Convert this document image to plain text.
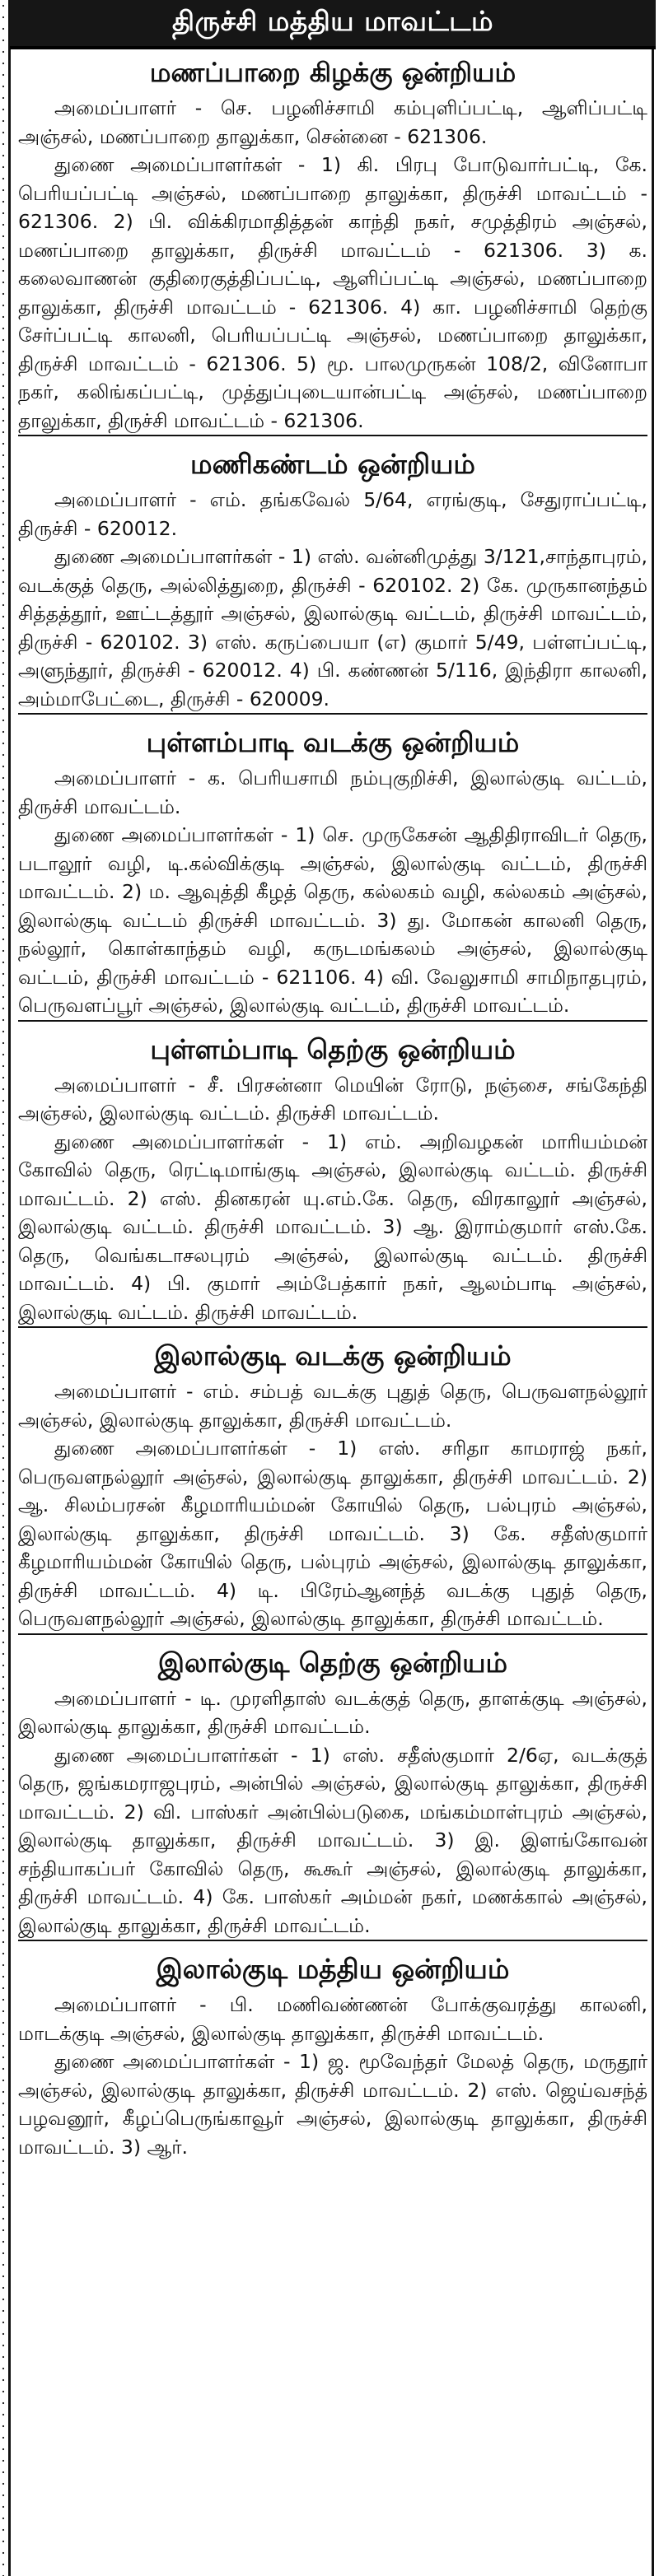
திருச்சி மத்திய மாவட்டம்
மணப்பாறை கிழக்கு ஒன்றியம்

அமைப்பாளர் - செ. பழனிச்சாமி கம்புளிப்பட்டி, ஆளிப்பட்டி அஞ்சல், மணப்பாறை தாலுக்கா, சென்னை - 621306.

துணை அமைப்பாளர்கள் - 1) கி. பிரபு போடுவார்பட்டி, கே. பெரியப்பட்டி அஞ்சல், மணப்பாறை தாலுக்கா, திருச்சி மாவட்டம் - 621306. 2) பி. விக்கிரமாதித்தன் காந்தி நகர், சமுத்திரம் அஞ்சல், மணப்பாறை தாலுக்கா, திருச்சி மாவட்டம் - 621306. 3) க. கலைவாணன் குதிரைகுத்திப்பட்டி, ஆளிப்பட்டி அஞ்சல், மணப்பாறை தாலுக்கா, திருச்சி மாவட்டம் - 621306. 4) கா. பழனிச்சாமி தெற்கு சேர்ப்பட்டி காலனி, பெரியப்பட்டி அஞ்சல், மணப்பாறை தாலுக்கா, திருச்சி மாவட்டம் - 621306. 5) மூ. பாலமுருகன் 108/2, வினோபா நகர், கலிங்கப்பட்டி, முத்துப்புடையான்பட்டி அஞ்சல், மணப்பாறை தாலுக்கா, திருச்சி மாவட்டம் - 621306.

மணிகண்டம் ஒன்றியம்

அமைப்பாளர் - எம். தங்கவேல் 5/64, எரங்குடி, சேதுராப்பட்டி, திருச்சி - 620012.

துணை அமைப்பாளர்கள் - 1) எஸ். வன்னிமுத்து 3/121,சாந்தாபுரம், வடக்குத் தெரு, அல்லித்துறை, திருச்சி - 620102. 2) கே. முருகானந்தம் சித்தத்தூர், ஊட்டத்தூர் அஞ்சல், இலால்குடி வட்டம், திருச்சி மாவட்டம், திருச்சி - 620102. 3) எஸ். கருப்பையா (எ) குமார் 5/49, பள்ளப்பட்டி, அளுந்தூர், திருச்சி - 620012. 4) பி. கண்ணன் 5/116, இந்திரா காலனி, அம்மாபேட்டை, திருச்சி - 620009.

புள்ளம்பாடி வடக்கு ஒன்றியம்

அமைப்பாளர் - க. பெரியசாமி நம்புகுறிச்சி, இலால்குடி வட்டம், திருச்சி மாவட்டம்.

துணை அமைப்பாளர்கள் - 1) செ. முருகேசன் ஆதிதிராவிடர் தெரு, படாலூர் வழி, டி.கல்விக்குடி அஞ்சல், இலால்குடி வட்டம், திருச்சி மாவட்டம். 2) ம. ஆவுத்தி கீழத் தெரு, கல்லகம் வழி, கல்லகம் அஞ்சல், இலால்குடி வட்டம் திருச்சி மாவட்டம். 3) து. மோகன் காலனி தெரு, நல்லூர், கொள்காந்தம் வழி, கருடமங்கலம் அஞ்சல், இலால்குடி வட்டம், திருச்சி மாவட்டம் - 621106. 4) வி. வேலுசாமி சாமிநாதபுரம், பெருவளப்பூர் அஞ்சல், இலால்குடி வட்டம், திருச்சி மாவட்டம்.

புள்ளம்பாடி தெற்கு ஒன்றியம்

அமைப்பாளர் - சீ. பிரசன்னா மெயின் ரோடு, நஞ்சை, சங்கேந்தி அஞ்சல், இலால்குடி வட்டம். திருச்சி மாவட்டம்.

துணை அமைப்பாளர்கள் - 1) எம். அறிவழகன் மாரியம்மன் கோவில் தெரு, ரெட்டிமாங்குடி அஞ்சல், இலால்குடி வட்டம். திருச்சி மாவட்டம். 2) எஸ். தினகரன் யு.எம்.கே. தெரு, விரகாலூர் அஞ்சல், இலால்குடி வட்டம். திருச்சி மாவட்டம். 3) ஆ. இராம்குமார் எஸ்.கே. தெரு, வெங்கடாசலபுரம் அஞ்சல், இலால்குடி வட்டம். திருச்சி மாவட்டம். 4) பி. குமார் அம்பேத்கார் நகர், ஆலம்பாடி அஞ்சல், இலால்குடி வட்டம். திருச்சி மாவட்டம்.

இலால்குடி வடக்கு ஒன்றியம்

அமைப்பாளர் - எம். சம்பத் வடக்கு புதுத் தெரு, பெருவளநல்லூர் அஞ்சல், இலால்குடி தாலுக்கா, திருச்சி மாவட்டம்.

துணை அமைப்பாளர்கள் - 1) எஸ். சரிதா காமராஜ் நகர், பெருவளநல்லூர் அஞ்சல், இலால்குடி தாலுக்கா, திருச்சி மாவட்டம். 2) ஆ. சிலம்பரசன் கீழமாரியம்மன் கோயில் தெரு, பல்புரம் அஞ்சல், இலால்குடி தாலுக்கா, திருச்சி மாவட்டம். 3) கே. சதீஸ்குமார் கீழமாரியம்மன் கோயில் தெரு, பல்புரம் அஞ்சல், இலால்குடி தாலுக்கா, திருச்சி மாவட்டம். 4) டி. பிரேம்ஆனந்த் வடக்கு புதுத் தெரு, பெருவளநல்லூர் அஞ்சல், இலால்குடி தாலுக்கா, திருச்சி மாவட்டம்.

இலால்குடி தெற்கு ஒன்றியம்

அமைப்பாளர் - டி. முரளிதாஸ் வடக்குத் தெரு, தாளக்குடி அஞ்சல், இலால்குடி தாலுக்கா, திருச்சி மாவட்டம்.

துணை அமைப்பாளர்கள் - 1) எஸ். சதீஸ்குமார் 2/6ஏ, வடக்குத் தெரு, ஜங்கமராஜபுரம், அன்பில் அஞ்சல், இலால்குடி தாலுக்கா, திருச்சி மாவட்டம். 2) வி. பாஸ்கர் அன்பில்படுகை, மங்கம்மாள்புரம் அஞ்சல், இலால்குடி தாலுக்கா, திருச்சி மாவட்டம். 3) இ. இளங்கோவன் சந்தியாகப்பர் கோவில் தெரு, கூகூர் அஞ்சல், இலால்குடி தாலுக்கா, திருச்சி மாவட்டம். 4) கே. பாஸ்கர் அம்மன் நகர், மணக்கால் அஞ்சல், இலால்குடி தாலுக்கா, திருச்சி மாவட்டம்.

இலால்குடி மத்திய ஒன்றியம்

அமைப்பாளர் - பி. மணிவண்ணன் போக்குவரத்து காலனி, மாடக்குடி அஞ்சல், இலால்குடி தாலுக்கா, திருச்சி மாவட்டம்.

துணை அமைப்பாளர்கள் - 1) ஜ. மூவேந்தர் மேலத் தெரு, மருதூர் அஞ்சல், இலால்குடி தாலுக்கா, திருச்சி மாவட்டம். 2) எஸ். ஜெய்வசந்த் பழவனூர், கீழப்பெருங்காவூர் அஞ்சல், இலால்குடி தாலுக்கா, திருச்சி மாவட்டம். 3) ஆர்.
